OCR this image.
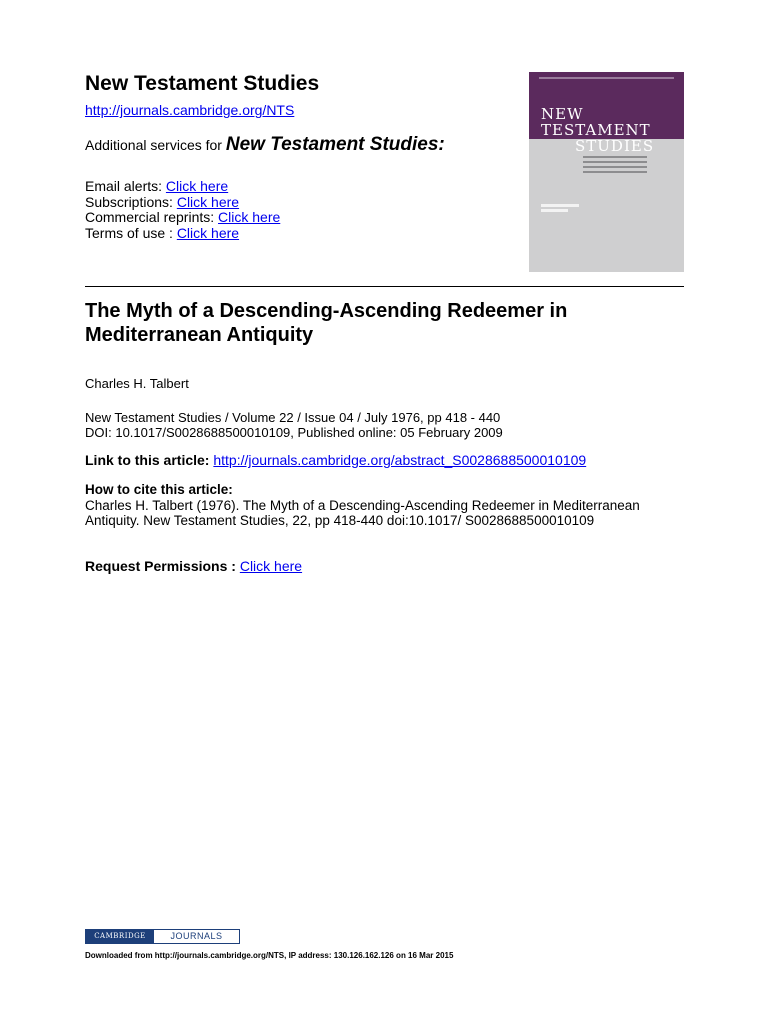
New Testament Studies
http://journals.cambridge.org/NTS
Additional services for New Testament Studies:
Email alerts: Click here
Subscriptions: Click here
Commercial reprints: Click here
Terms of use : Click here
NEW
TESTAMENT
STUDIES
The Myth of a Descending-Ascending Redeemer in Mediterranean Antiquity
Charles H. Talbert
New Testament Studies / Volume 22 / Issue 04 / July 1976, pp 418 - 440
DOI: 10.1017/S0028688500010109, Published online: 05 February 2009
Link to this article: http://journals.cambridge.org/abstract_S0028688500010109
How to cite this article:
Charles H. Talbert (1976). The Myth of a Descending-Ascending Redeemer in Mediterranean Antiquity. New Testament Studies, 22, pp 418-440 doi:10.1017/ S0028688500010109
Request Permissions : Click here
CAMBRIDGE	JOURNALS
Downloaded from http://journals.cambridge.org/NTS, IP address: 130.126.162.126 on 16 Mar 2015
